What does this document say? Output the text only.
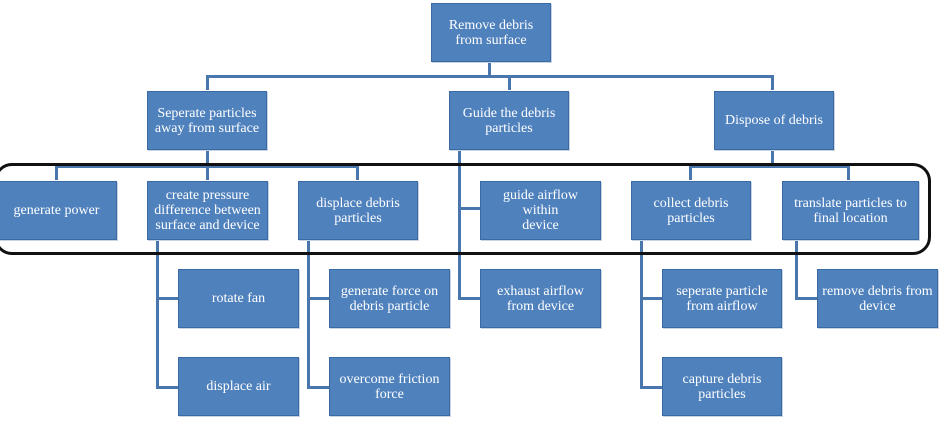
Remove debris
from surface
Seperate particles
away from surface
Guide the debris
particles	Dispose of debris
generate power
create pressure
difference between
surface and device
displace debris
particles
guide airflow within
device
collect debris
particles
translate particles to
final location
rotate fan
displace air
generate force on
debris particle
overcome friction
force
exhaust airflow
from device
seperate particle
from airflow
capture debris
particles
remove debris from
device
